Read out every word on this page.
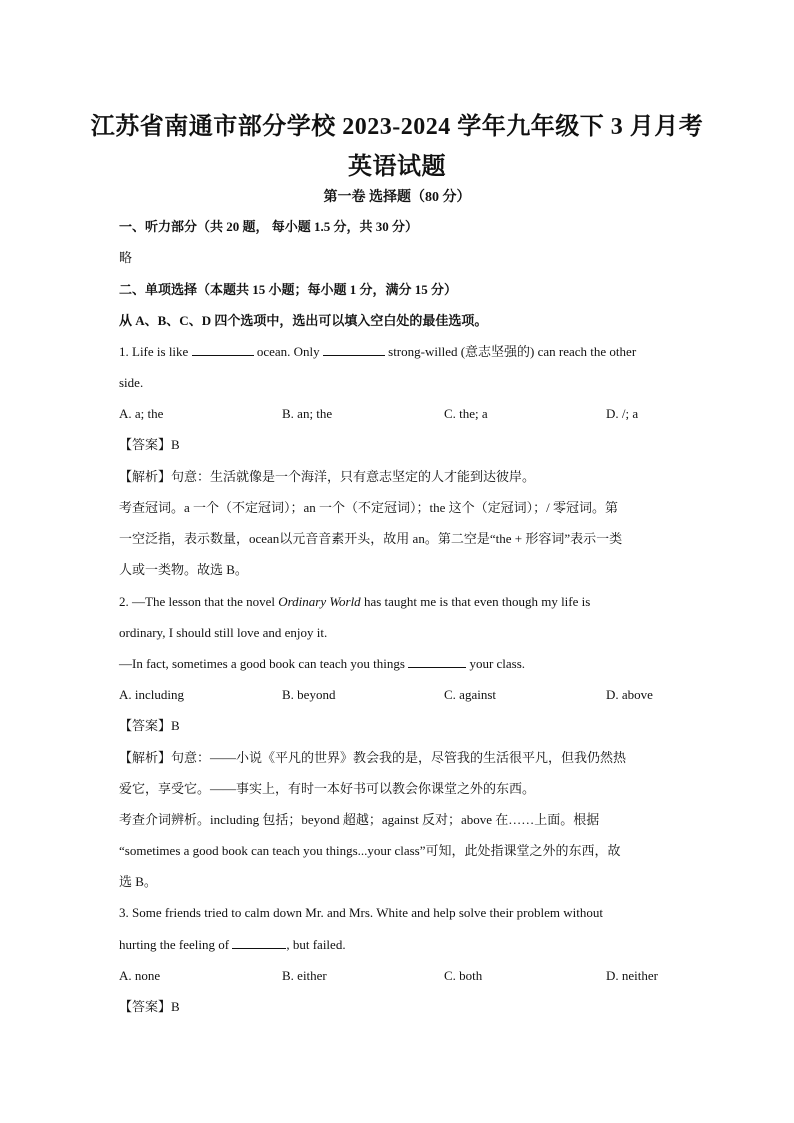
江苏省南通市部分学校 2023-2024 学年九年级下 3 月月考
英语试题
第一卷 选择题（80 分）
一、听力部分（共 20 题， 每小题 1.5 分，共 30 分）
略
二、单项选择（本题共 15 小题；每小题 1 分，满分 15 分）
从 A、B、C、D 四个选项中，选出可以填入空白处的最佳选项。
1. Life is like	ocean. Only	strong-willed (意志坚强的) can reach the other
side.
A. a; the	B. an; the	C. the; a	D. /; a
【答案】B
【解析】句意：生活就像是一个海洋，只有意志坚定的人才能到达彼岸。
考查冠词。a 一个（不定冠词）；an 一个（不定冠词）；the 这个（定冠词）；/ 零冠词。第
一空泛指，表示数量，ocean以元音音素开头，故用 an。第二空是“the + 形容词”表示一类
人或一类物。故选 B。
2. —The lesson that the novel Ordinary World has taught me is that even though my life is
ordinary, I should still love and enjoy it.
—In fact, sometimes a good book can teach you things	your class.
A. including	B. beyond	C. against	D. above
【答案】B
【解析】句意：——小说《平凡的世界》教会我的是，尽管我的生活很平凡，但我仍然热
爱它，享受它。——事实上，有时一本好书可以教会你课堂之外的东西。
考查介词辨析。including 包括；beyond 超越；against 反对；above 在……上面。根据
“sometimes a good book can teach you things...your class”可知，此处指课堂之外的东西，故
选 B。
3. Some friends tried to calm down Mr. and Mrs. White and help solve their problem without
hurting the feeling of	, but failed.
A. none	B. either	C. both	D. neither
【答案】B
